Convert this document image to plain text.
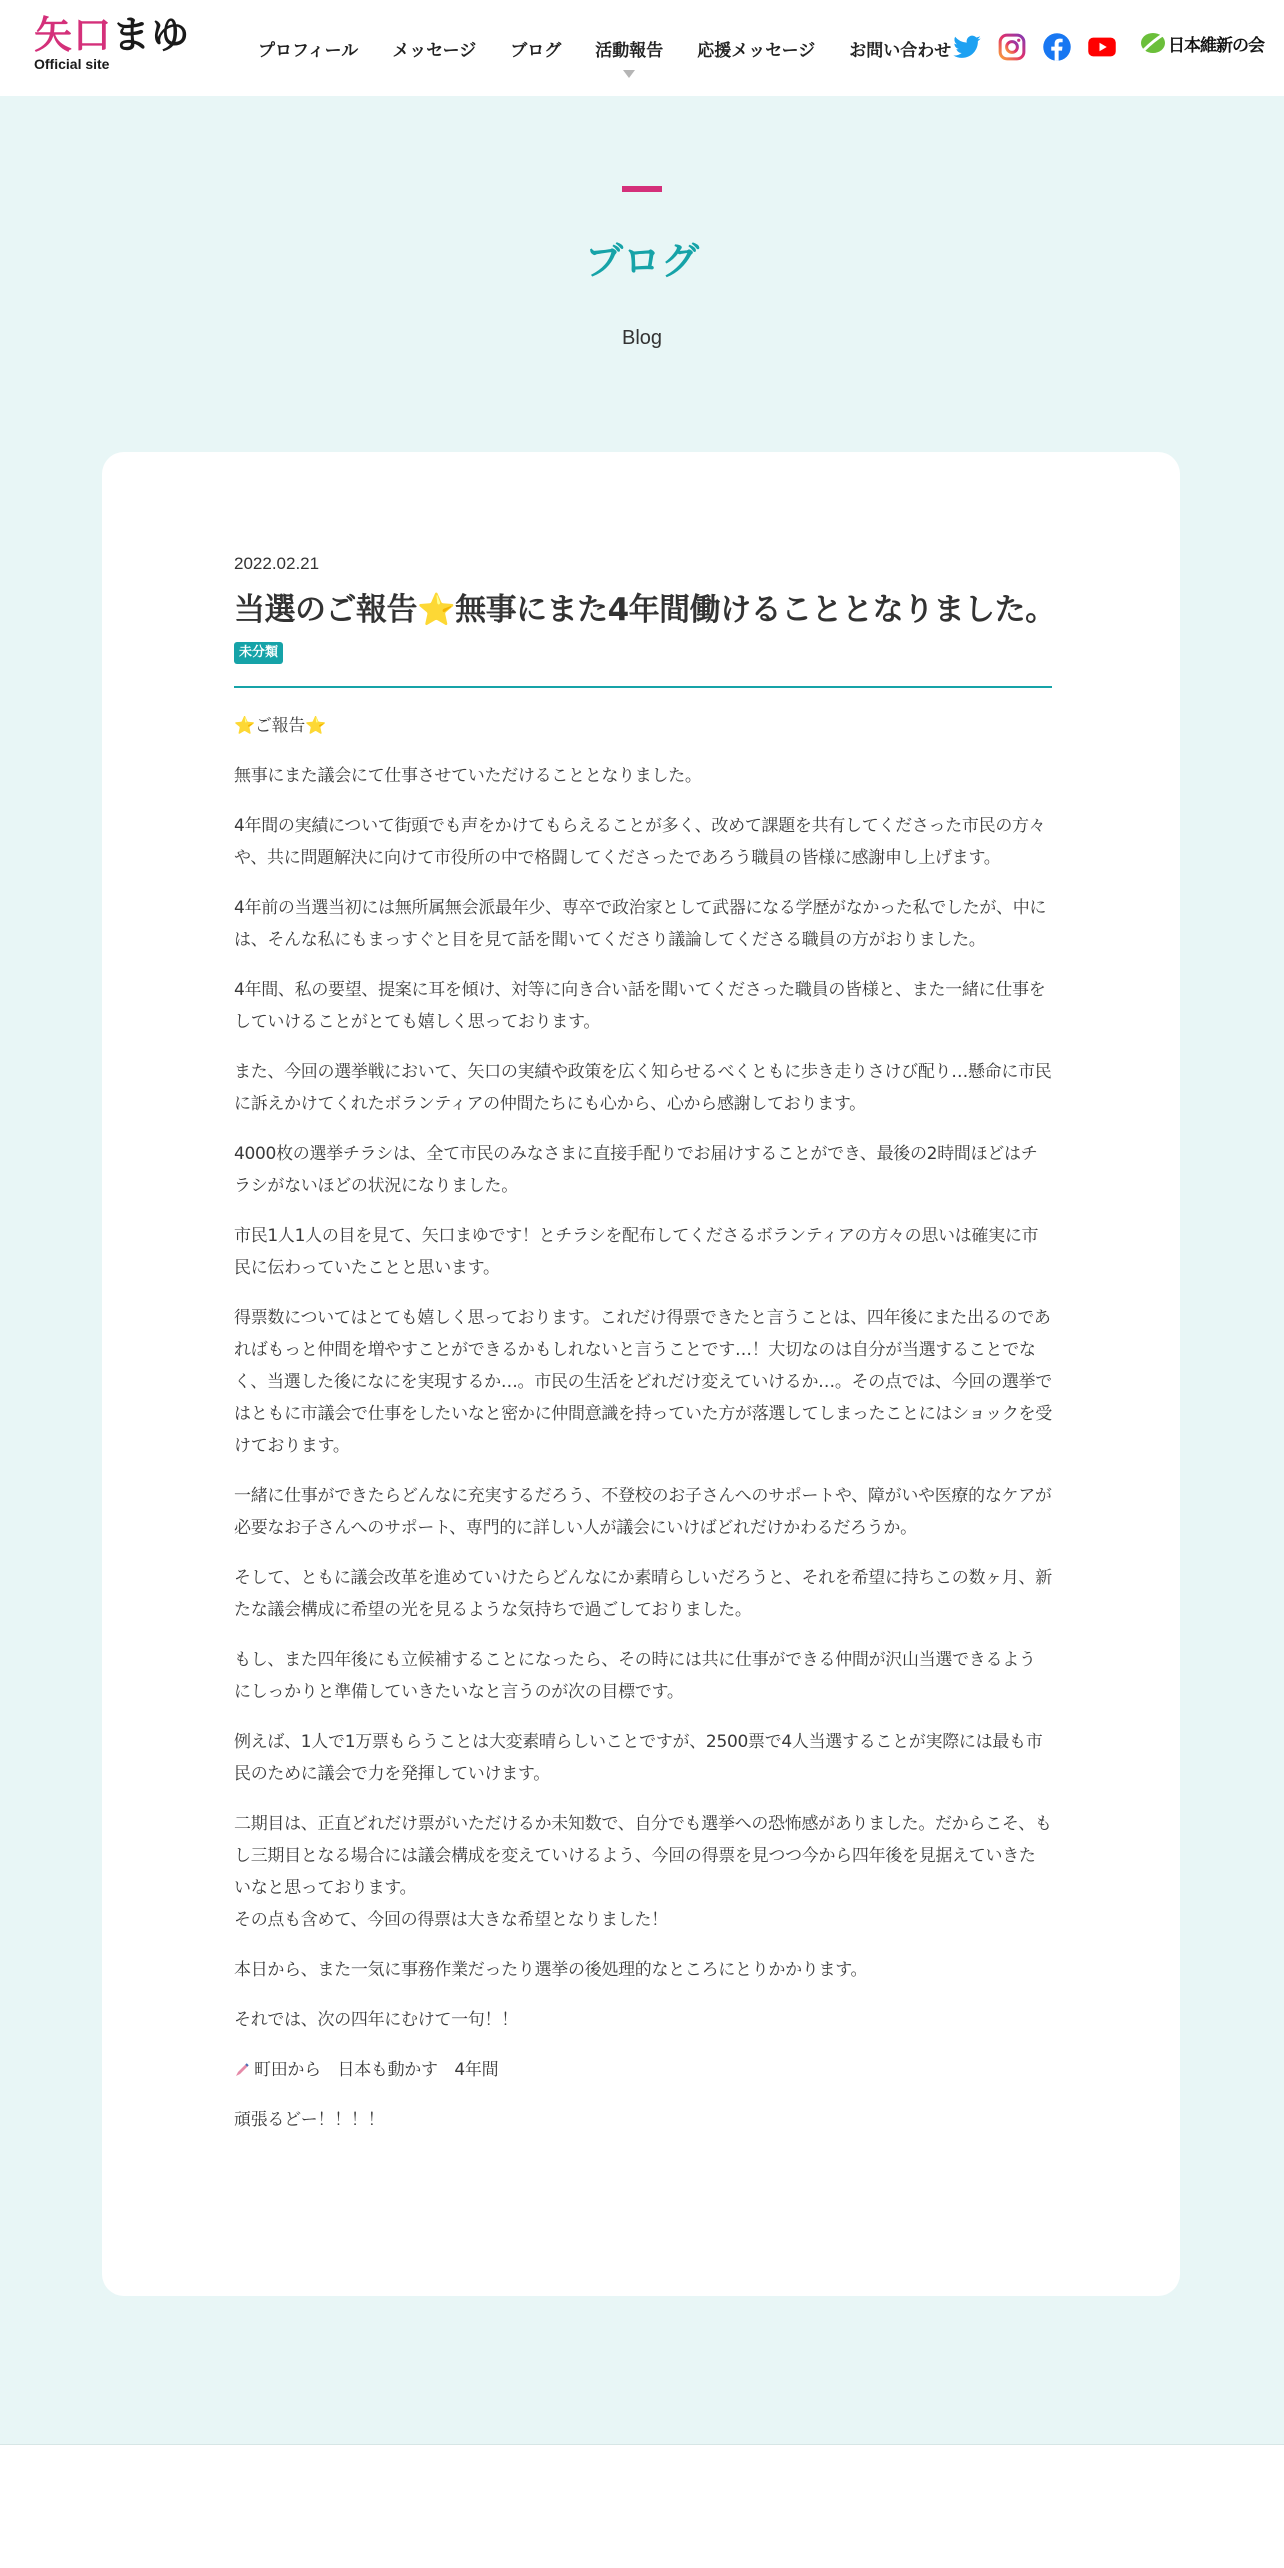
矢口まゆ
Official site
プロフィール メッセージ ブログ 活動報告 応援メッセージ お問い合わせ	日本維新の会
ブログ
Blog
2022.02.21
当選のご報告⭐無事にまた4年間働けることとなりました。
未分類

⭐ご報告⭐

無事にまた議会にて仕事させていただけることとなりました。

4年間の実績について街頭でも声をかけてもらえることが多く、改めて課題を共有してくださった市民の方々や、共に問題解決に向けて市役所の中で格闘してくださったであろう職員の皆様に感謝申し上げます。

4年前の当選当初には無所属無会派最年少、専卒で政治家として武器になる学歴がなかった私でしたが、中には、そんな私にもまっすぐと目を見て話を聞いてくださり議論してくださる職員の方がおりました。

4年間、私の要望、提案に耳を傾け、対等に向き合い話を聞いてくださった職員の皆様と、また一緒に仕事をしていけることがとても嬉しく思っております。

また、今回の選挙戦において、矢口の実績や政策を広く知らせるべくともに歩き走りさけび配り…懸命に市民に訴えかけてくれたボランティアの仲間たちにも心から、心から感謝しております。

4000枚の選挙チラシは、全て市民のみなさまに直接手配りでお届けすることができ、最後の2時間ほどはチラシがないほどの状況になりました。

市民1人1人の目を見て、矢口まゆです！とチラシを配布してくださるボランティアの方々の思いは確実に市民に伝わっていたことと思います。

得票数についてはとても嬉しく思っております。これだけ得票できたと言うことは、四年後にまた出るのであればもっと仲間を増やすことができるかもしれないと言うことです…！大切なのは自分が当選することでなく、当選した後になにを実現するか…。市民の生活をどれだけ変えていけるか…。その点では、今回の選挙ではともに市議会で仕事をしたいなと密かに仲間意識を持っていた方が落選してしまったことにはショックを受けております。

一緒に仕事ができたらどんなに充実するだろう、不登校のお子さんへのサポートや、障がいや医療的なケアが必要なお子さんへのサポート、専門的に詳しい人が議会にいけばどれだけかわるだろうか。

そして、ともに議会改革を進めていけたらどんなにか素晴らしいだろうと、それを希望に持ちこの数ヶ月、新たな議会構成に希望の光を見るような気持ちで過ごしておりました。

もし、また四年後にも立候補することになったら、その時には共に仕事ができる仲間が沢山当選できるようにしっかりと準備していきたいなと言うのが次の目標です。

例えば、1人で1万票もらうことは大変素晴らしいことですが、2500票で4人当選することが実際には最も市民のために議会で力を発揮していけます。

二期目は、正直どれだけ票がいただけるか未知数で、自分でも選挙への恐怖感がありました。だからこそ、もし三期目となる場合には議会構成を変えていけるよう、今回の得票を見つつ今から四年後を見据えていきたいなと思っております。
その点も含めて、今回の得票は大きな希望となりました！

本日から、また一気に事務作業だったり選挙の後処理的なところにとりかかります。

それでは、次の四年にむけて一句！！

町田から　日本も動かす　4年間

頑張るどー！！！！
